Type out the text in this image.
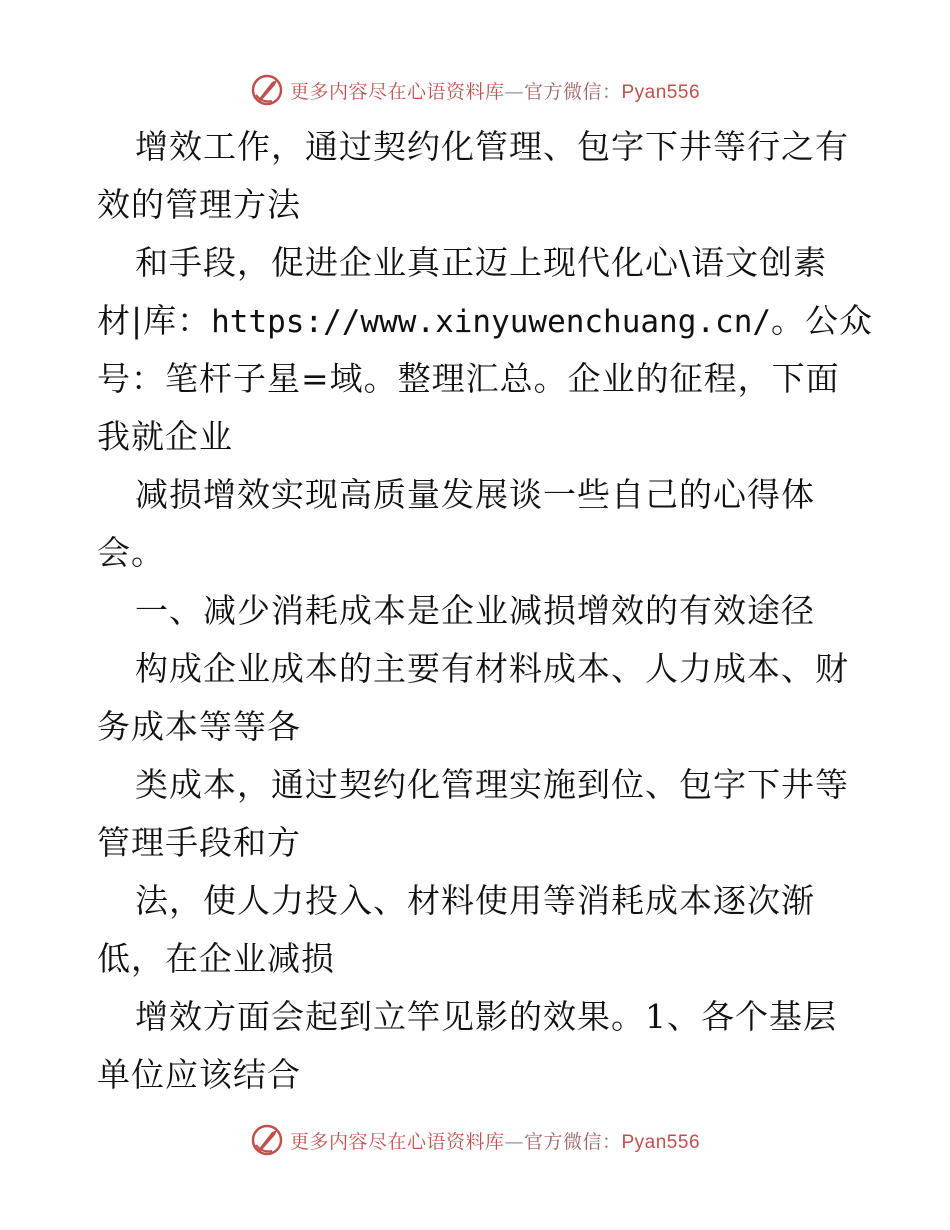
更多内容尽在心语资料库—官方微信：Pyan556
增效工作，通过契约化管理、包字下井等行之有
效的管理方法
和手段，促进企业真正迈上现代化心\语文创素
材|库：https://www.xinyuwenchuang.cn/。公众
号：笔杆子星=域。整理汇总。企业的征程，下面
我就企业
减损增效实现高质量发展谈一些自己的心得体
会。
一、减少消耗成本是企业减损增效的有效途径
构成企业成本的主要有材料成本、人力成本、财
务成本等等各
类成本，通过契约化管理实施到位、包字下井等
管理手段和方
法，使人力投入、材料使用等消耗成本逐次渐
低，在企业减损
增效方面会起到立竿见影的效果。1、各个基层
单位应该结合
更多内容尽在心语资料库—官方微信：Pyan556
